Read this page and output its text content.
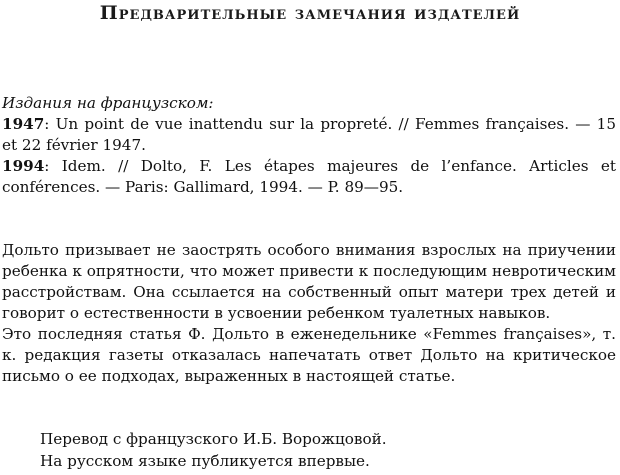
Предварительные замечания издателей
Издания на французском:

1947: Un point de vue inattendu sur la propreté. // Femmes françaises. — 15 et 22 février 1947.

1994: Idem. // Dolto, F. Les étapes majeures de l’enfance. Articles et conférences. — Paris: Gallimard, 1994. — P. 89—95.

Дольто призывает не заострять особого внимания взрослых на приучении ребенка к опрятности, что может привести к последующим невротическим расстройствам. Она ссылается на собственный опыт матери трех детей и говорит о естественности в усвоении ребенком туалетных навыков.

Это последняя статья Ф. Дольто в еженедельнике «Femmes françaises», т. к. редакция газеты отказалась напечатать ответ Дольто на критическое письмо о ее подходах, выраженных в настоящей статье.

Перевод с французского И.Б. Ворожцовой.
На русском языке публикуется впервые.
